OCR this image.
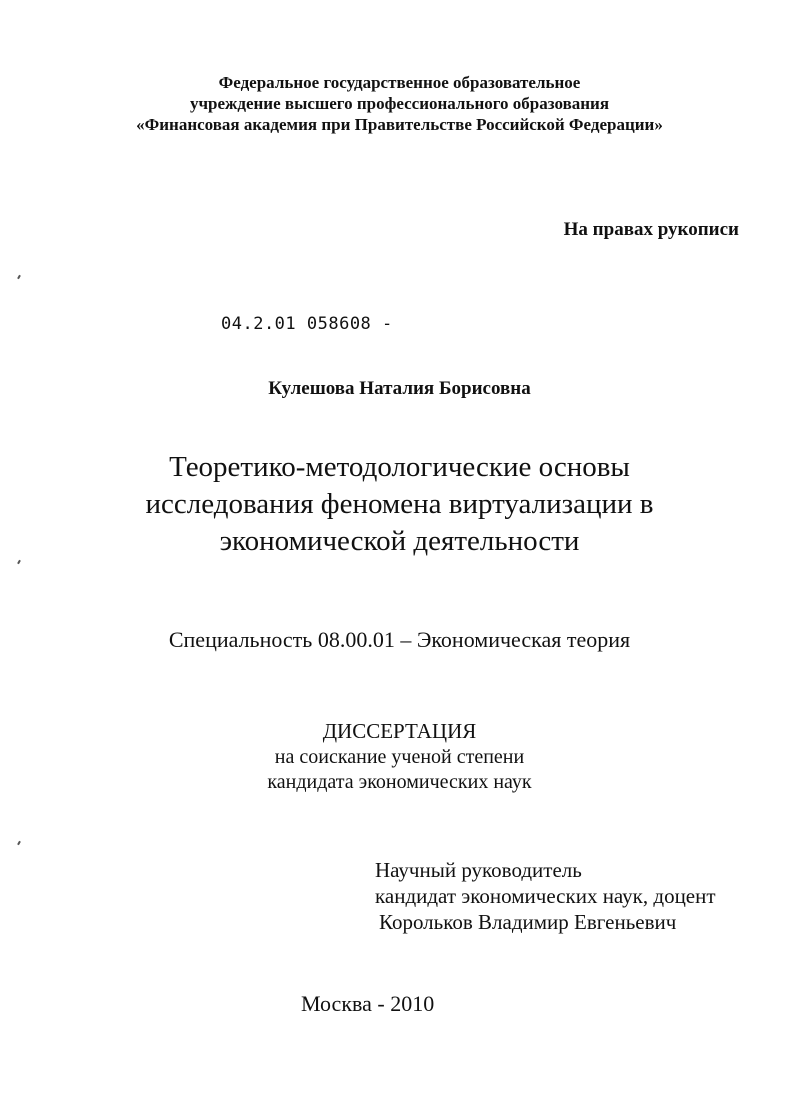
Федеральное государственное образовательное
учреждение высшего профессионального образования
«Финансовая академия при Правительстве Российской Федерации»
На правах рукописи
04.2.01 058608 -
Кулешова Наталия Борисовна
Теоретико-методологические основы
исследования феномена виртуализации в
экономической деятельности
Специальность 08.00.01 – Экономическая теория
ДИССЕРТАЦИЯ
на соискание ученой степени
кандидата экономических наук
Научный руководитель
кандидат экономических наук, доцент
Корольков Владимир Евгеньевич
Москва - 2010
